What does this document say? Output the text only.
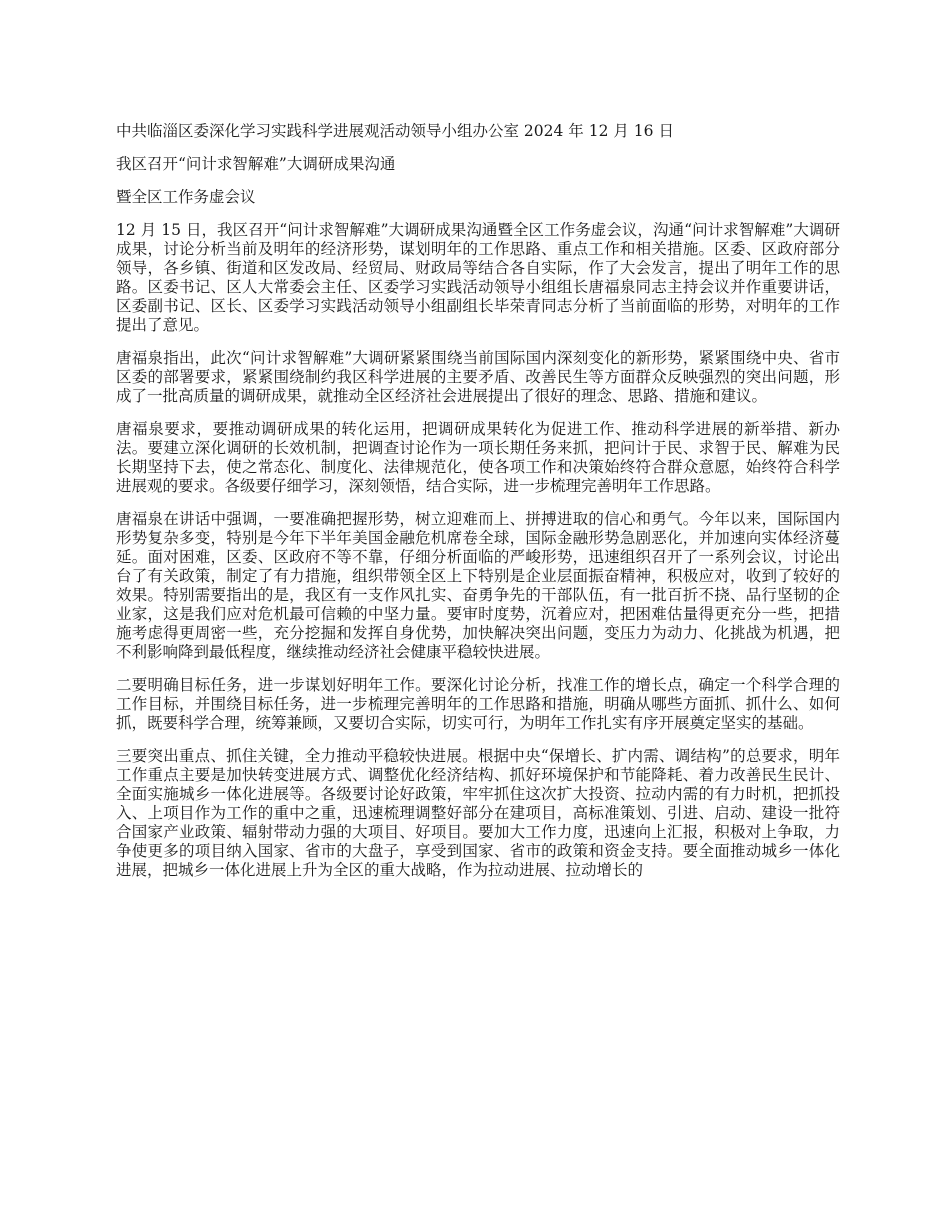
中共临淄区委深化学习实践科学进展观活动领导小组办公室 2024 年 12 月 16 日
我区召开“问计求智解难”大调研成果沟通
暨全区工作务虚会议
12 月 15 日，我区召开“问计求智解难”大调研成果沟通暨全区工作务虚会议，沟通“问计求智解难”大调研成果，讨论分析当前及明年的经济形势，谋划明年的工作思路、重点工作和相关措施。区委、区政府部分领导，各乡镇、街道和区发改局、经贸局、财政局等结合各自实际，作了大会发言，提出了明年工作的思路。区委书记、区人大常委会主任、区委学习实践活动领导小组组长唐福泉同志主持会议并作重要讲话，区委副书记、区长、区委学习实践活动领导小组副组长毕荣青同志分析了当前面临的形势，对明年的工作提出了意见。
唐福泉指出，此次“问计求智解难”大调研紧紧围绕当前国际国内深刻变化的新形势，紧紧围绕中央、省市区委的部署要求，紧紧围绕制约我区科学进展的主要矛盾、改善民生等方面群众反映强烈的突出问题，形成了一批高质量的调研成果，就推动全区经济社会进展提出了很好的理念、思路、措施和建议。
唐福泉要求，要推动调研成果的转化运用，把调研成果转化为促进工作、推动科学进展的新举措、新办法。要建立深化调研的长效机制，把调查讨论作为一项长期任务来抓，把问计于民、求智于民、解难为民长期坚持下去，使之常态化、制度化、法律规范化，使各项工作和决策始终符合群众意愿，始终符合科学进展观的要求。各级要仔细学习，深刻领悟，结合实际，进一步梳理完善明年工作思路。
唐福泉在讲话中强调，一要准确把握形势，树立迎难而上、拼搏进取的信心和勇气。今年以来，国际国内形势复杂多变，特别是今年下半年美国金融危机席卷全球，国际金融形势急剧恶化，并加速向实体经济蔓延。面对困难，区委、区政府不等不靠，仔细分析面临的严峻形势，迅速组织召开了一系列会议，讨论出台了有关政策，制定了有力措施，组织带领全区上下特别是企业层面振奋精神，积极应对，收到了较好的效果。特别需要指出的是，我区有一支作风扎实、奋勇争先的干部队伍，有一批百折不挠、品行坚韧的企业家，这是我们应对危机最可信赖的中坚力量。要审时度势，沉着应对，把困难估量得更充分一些，把措施考虑得更周密一些，充分挖掘和发挥自身优势，加快解决突出问题，变压力为动力、化挑战为机遇，把不利影响降到最低程度，继续推动经济社会健康平稳较快进展。
二要明确目标任务，进一步谋划好明年工作。要深化讨论分析，找准工作的增长点，确定一个科学合理的工作目标，并围绕目标任务，进一步梳理完善明年的工作思路和措施，明确从哪些方面抓、抓什么、如何抓，既要科学合理，统筹兼顾，又要切合实际，切实可行，为明年工作扎实有序开展奠定坚实的基础。
三要突出重点、抓住关键，全力推动平稳较快进展。根据中央“保增长、扩内需、调结构”的总要求，明年工作重点主要是加快转变进展方式、调整优化经济结构、抓好环境保护和节能降耗、着力改善民生民计、全面实施城乡一体化进展等。各级要讨论好政策，牢牢抓住这次扩大投资、拉动内需的有力时机，把抓投入、上项目作为工作的重中之重，迅速梳理调整好部分在建项目，高标准策划、引进、启动、建设一批符合国家产业政策、辐射带动力强的大项目、好项目。要加大工作力度，迅速向上汇报，积极对上争取，力争使更多的项目纳入国家、省市的大盘子，享受到国家、省市的政策和资金支持。要全面推动城乡一体化进展，把城乡一体化进展上升为全区的重大战略，作为拉动进展、拉动增长的
